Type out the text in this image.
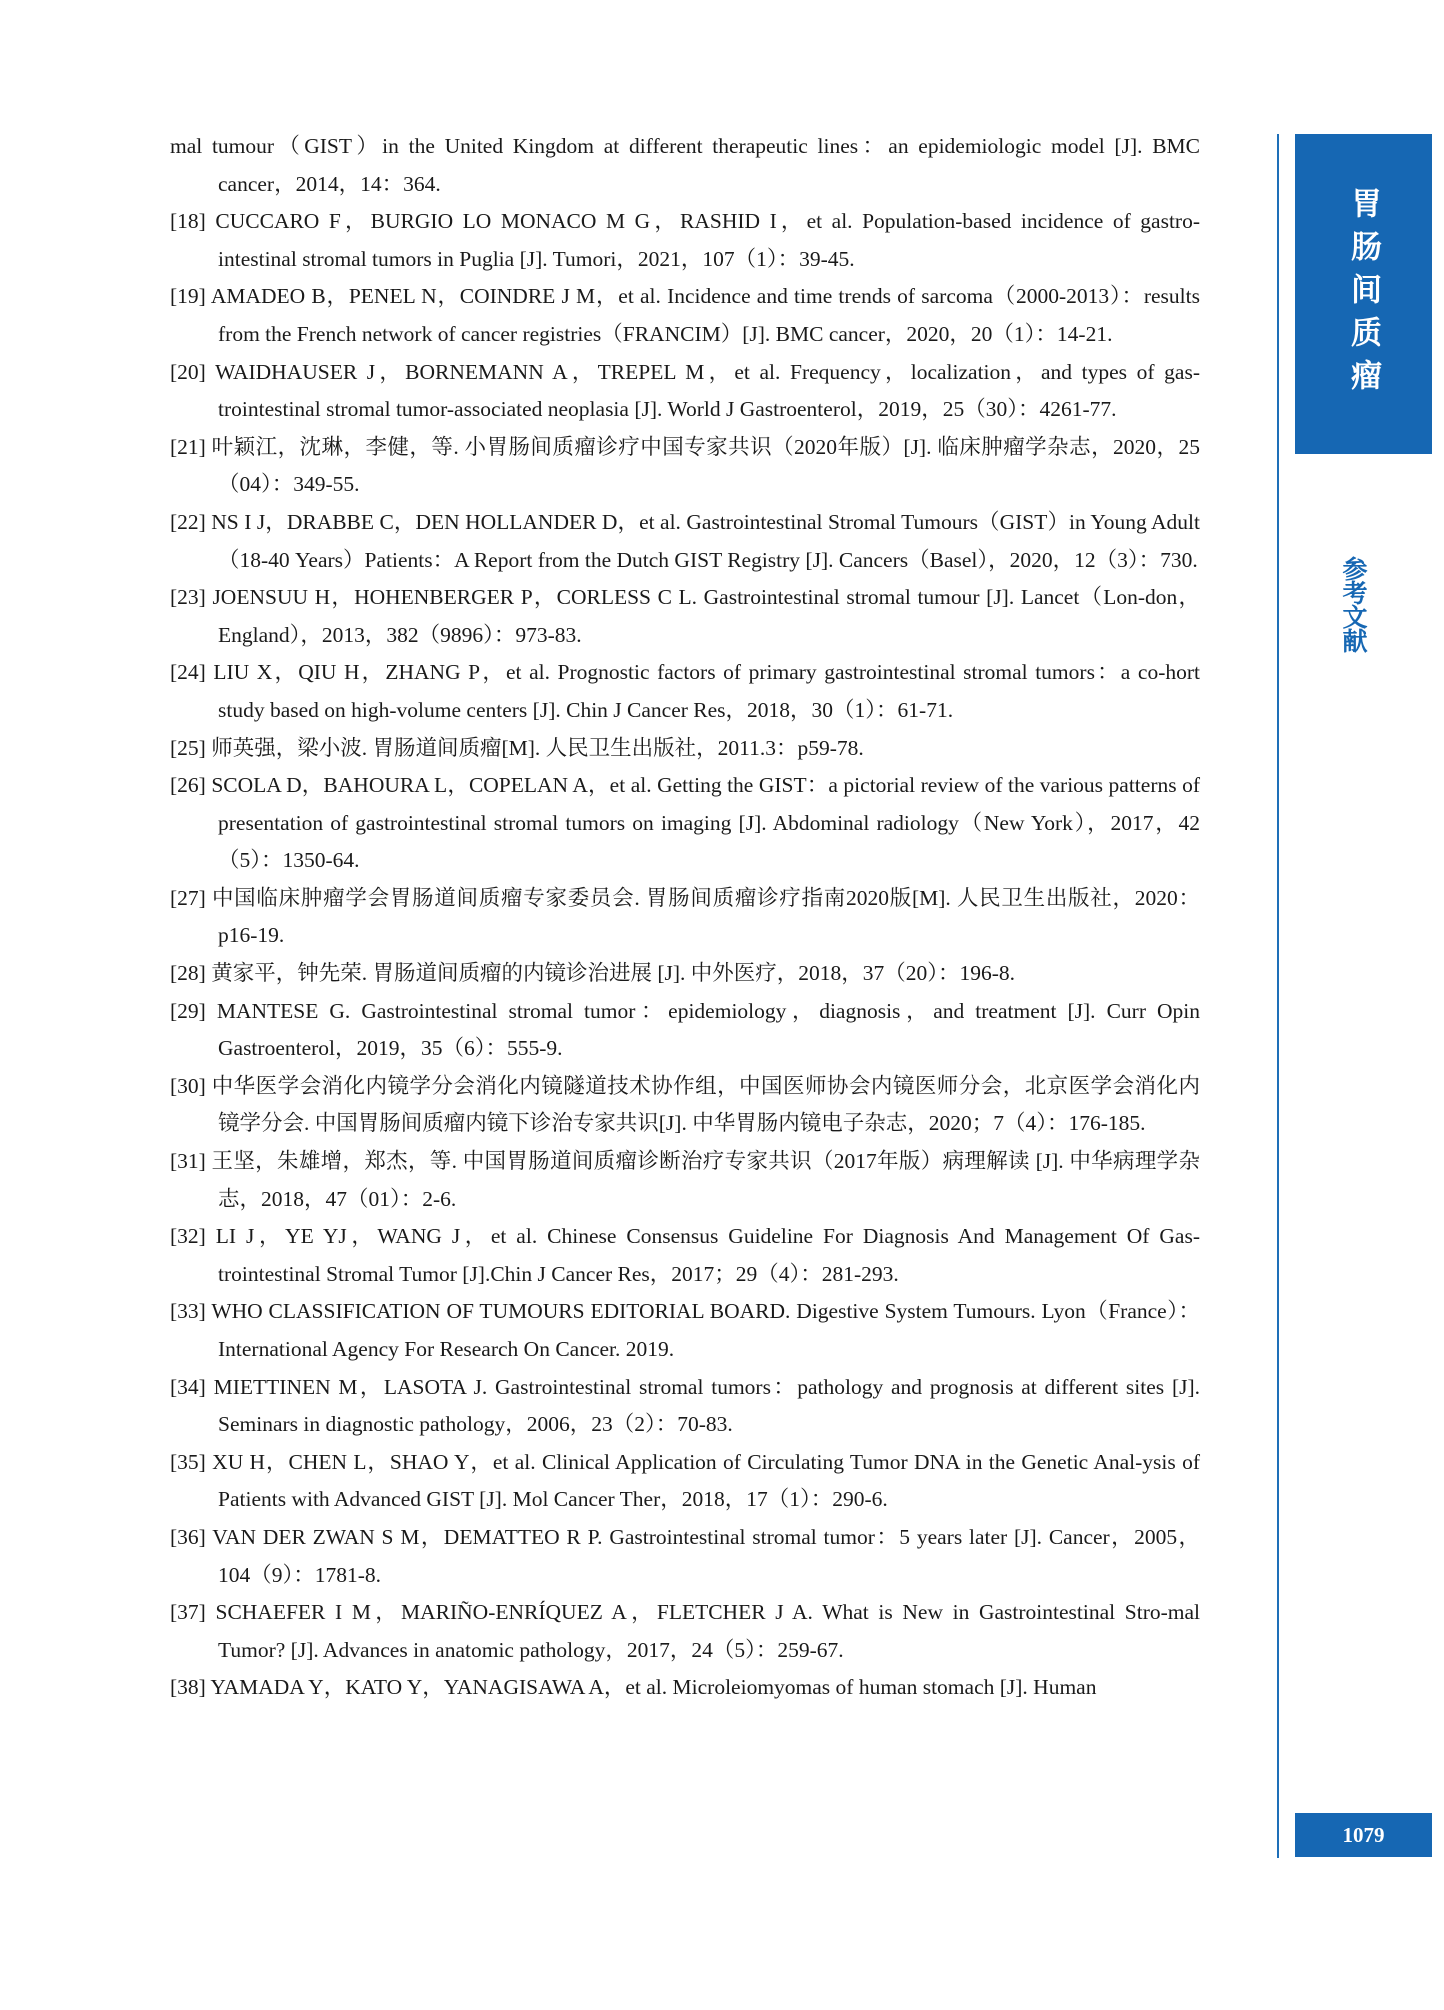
mal tumour（GIST）in the United Kingdom at different therapeutic lines：an epidemiologic model [J]. BMC cancer，2014，14：364.
[18] CUCCARO F，BURGIO LO MONACO M G，RASHID I，et al. Population-based incidence of gastro-intestinal stromal tumors in Puglia [J]. Tumori，2021，107（1）：39-45.
[19] AMADEO B，PENEL N，COINDRE J M，et al. Incidence and time trends of sarcoma（2000-2013）：results from the French network of cancer registries（FRANCIM）[J]. BMC cancer，2020，20（1）：14-21.
[20] WAIDHAUSER J，BORNEMANN A，TREPEL M，et al. Frequency，localization，and types of gas-trointestinal stromal tumor-associated neoplasia [J]. World J Gastroenterol，2019，25（30）：4261-77.
[21] 叶颖江，沈琳，李健，等. 小胃肠间质瘤诊疗中国专家共识（2020年版）[J]. 临床肿瘤学杂志，2020，25（04）：349-55.
[22] NS I J，DRABBE C，DEN HOLLANDER D，et al. Gastrointestinal Stromal Tumours（GIST）in Young Adult（18-40 Years）Patients：A Report from the Dutch GIST Registry [J]. Cancers（Basel），2020，12（3）：730.
[23] JOENSUU H，HOHENBERGER P，CORLESS C L. Gastrointestinal stromal tumour [J]. Lancet（Lon-don，England），2013，382（9896）：973-83.
[24] LIU X，QIU H，ZHANG P，et al. Prognostic factors of primary gastrointestinal stromal tumors：a co-hort study based on high-volume centers [J]. Chin J Cancer Res，2018，30（1）：61-71.
[25] 师英强，梁小波. 胃肠道间质瘤[M]. 人民卫生出版社，2011.3：p59-78.
[26] SCOLA D，BAHOURA L，COPELAN A，et al. Getting the GIST：a pictorial review of the various patterns of presentation of gastrointestinal stromal tumors on imaging [J]. Abdominal radiology（New York），2017，42（5）：1350-64.
[27] 中国临床肿瘤学会胃肠道间质瘤专家委员会. 胃肠间质瘤诊疗指南2020版[M]. 人民卫生出版社，2020：p16-19.
[28] 黄家平，钟先荣. 胃肠道间质瘤的内镜诊治进展 [J]. 中外医疗，2018，37（20）：196-8.
[29] MANTESE G. Gastrointestinal stromal tumor：epidemiology，diagnosis，and treatment [J]. Curr Opin Gastroenterol，2019，35（6）：555-9.
[30] 中华医学会消化内镜学分会消化内镜隧道技术协作组，中国医师协会内镜医师分会，北京医学会消化内镜学分会. 中国胃肠间质瘤内镜下诊治专家共识[J]. 中华胃肠内镜电子杂志，2020；7（4）：176-185.
[31] 王坚，朱雄增，郑杰，等. 中国胃肠道间质瘤诊断治疗专家共识（2017年版）病理解读 [J]. 中华病理学杂志，2018，47（01）：2-6.
[32] LI J，YE YJ，WANG J，et al. Chinese Consensus Guideline For Diagnosis And Management Of Gas-trointestinal Stromal Tumor [J].Chin J Cancer Res，2017；29（4）：281-293.
[33] WHO CLASSIFICATION OF TUMOURS EDITORIAL BOARD. Digestive System Tumours. Lyon（France）：International Agency For Research On Cancer. 2019.
[34] MIETTINEN M，LASOTA J. Gastrointestinal stromal tumors：pathology and prognosis at different sites [J]. Seminars in diagnostic pathology，2006，23（2）：70-83.
[35] XU H，CHEN L，SHAO Y，et al. Clinical Application of Circulating Tumor DNA in the Genetic Anal-ysis of Patients with Advanced GIST [J]. Mol Cancer Ther，2018，17（1）：290-6.
[36] VAN DER ZWAN S M，DEMATTEO R P. Gastrointestinal stromal tumor：5 years later [J]. Cancer，2005，104（9）：1781-8.
[37] SCHAEFER I M，MARIÑO-ENRÍQUEZ A，FLETCHER J A. What is New in Gastrointestinal Stro-mal Tumor? [J]. Advances in anatomic pathology，2017，24（5）：259-67.
[38] YAMADA Y，KATO Y，YANAGISAWA A，et al. Microleiomyomas of human stomach [J]. Human
胃肠间质瘤
参考文献
1079
